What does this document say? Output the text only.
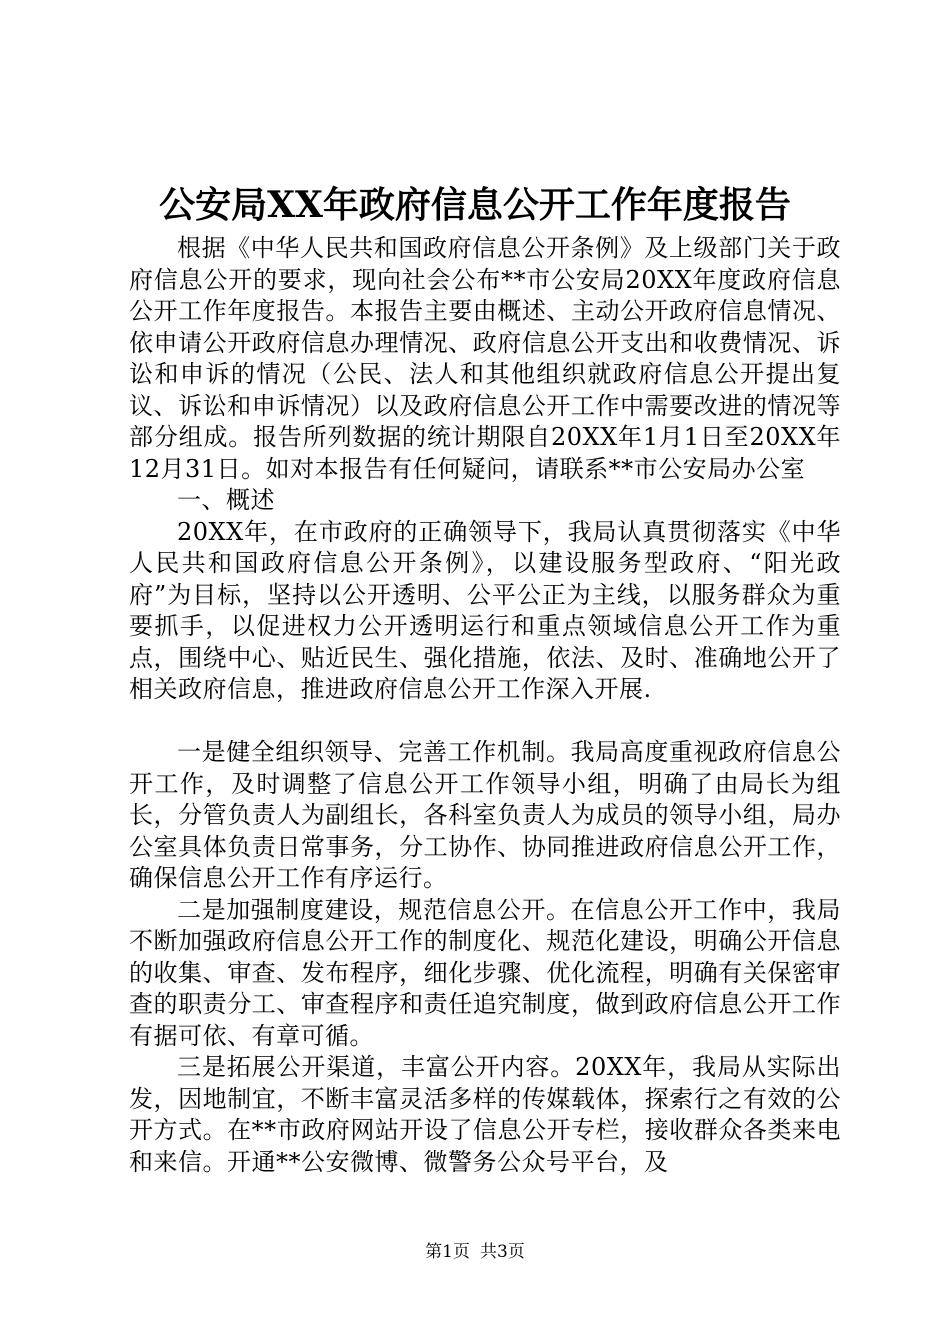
公安局XX年政府信息公开工作年度报告

根据《中华人民共和国政府信息公开条例》及上级部门关于政府信息公开的要求，现向社会公布**市公安局20XX年度政府信息公开工作年度报告。本报告主要由概述、主动公开政府信息情况、依申请公开政府信息办理情况、政府信息公开支出和收费情况、诉讼和申诉的情况（公民、法人和其他组织就政府信息公开提出复议、诉讼和申诉情况）以及政府信息公开工作中需要改进的情况等部分组成。报告所列数据的统计期限自20XX年1月1日至20XX年12月31日。如对本报告有任何疑问，请联系**市公安局办公室

一、概述

20XX年，在市政府的正确领导下，我局认真贯彻落实《中华人民共和国政府信息公开条例》，以建设服务型政府、“阳光政府”为目标，坚持以公开透明、公平公正为主线，以服务群众为重要抓手，以促进权力公开透明运行和重点领域信息公开工作为重点，围绕中心、贴近民生、强化措施，依法、及时、准确地公开了相关政府信息，推进政府信息公开工作深入开展.

一是健全组织领导、完善工作机制。我局高度重视政府信息公开工作，及时调整了信息公开工作领导小组，明确了由局长为组长，分管负责人为副组长，各科室负责人为成员的领导小组，局办公室具体负责日常事务，分工协作、协同推进政府信息公开工作，确保信息公开工作有序运行。

二是加强制度建设，规范信息公开。在信息公开工作中，我局不断加强政府信息公开工作的制度化、规范化建设，明确公开信息的收集、审查、发布程序，细化步骤、优化流程，明确有关保密审查的职责分工、审查程序和责任追究制度，做到政府信息公开工作有据可依、有章可循。

三是拓展公开渠道，丰富公开内容。20XX年，我局从实际出发，因地制宜，不断丰富灵活多样的传媒载体，探索行之有效的公开方式。在**市政府网站开设了信息公开专栏，接收群众各类来电和来信。开通**公安微博、微警务公众号平台，及

第1页 共3页
